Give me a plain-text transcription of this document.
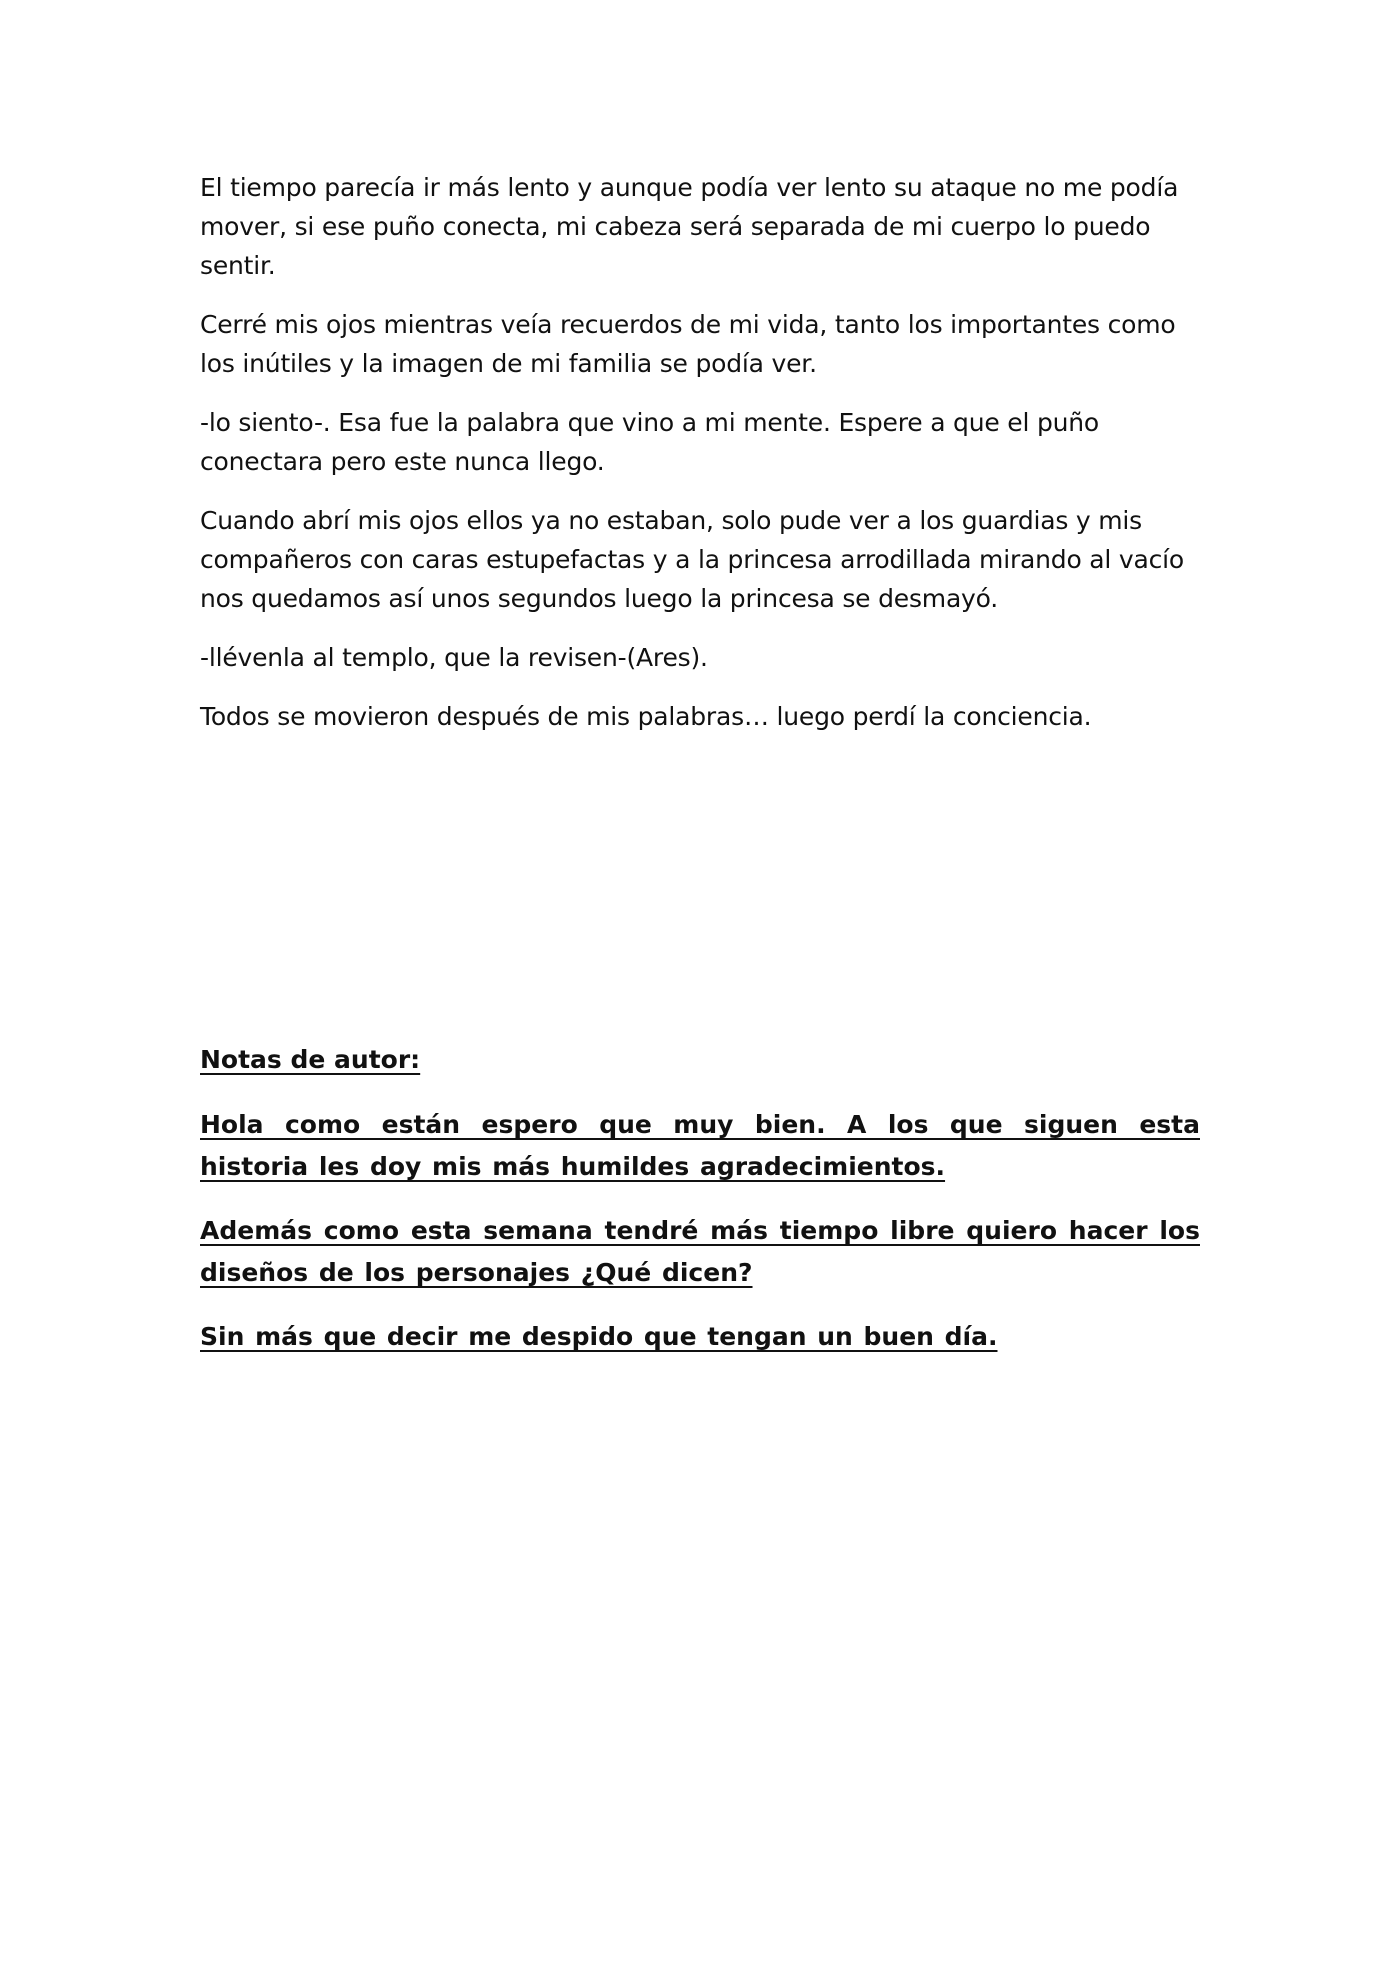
El tiempo parecía ir más lento y aunque podía ver lento su ataque no me podía mover, si ese puño conecta, mi cabeza será separada de mi cuerpo lo puedo sentir.

Cerré mis ojos mientras veía recuerdos de mi vida, tanto los importantes como los inútiles y la imagen de mi familia se podía ver.

-lo siento-. Esa fue la palabra que vino a mi mente. Espere a que el puño conectara pero este nunca llego.

Cuando abrí mis ojos ellos ya no estaban, solo pude ver a los guardias y mis compañeros con caras estupefactas y a la princesa arrodillada mirando al vacío nos quedamos así unos segundos luego la princesa se desmayó.

-llévenla al templo, que la revisen-(Ares).

Todos se movieron después de mis palabras… luego perdí la conciencia.

Notas de autor:

Hola como están espero que muy bien. A los que siguen esta historia les doy mis más humildes agradecimientos.

Además como esta semana tendré más tiempo libre quiero hacer los diseños de los personajes ¿Qué dicen?

Sin más que decir me despido que tengan un buen día.
